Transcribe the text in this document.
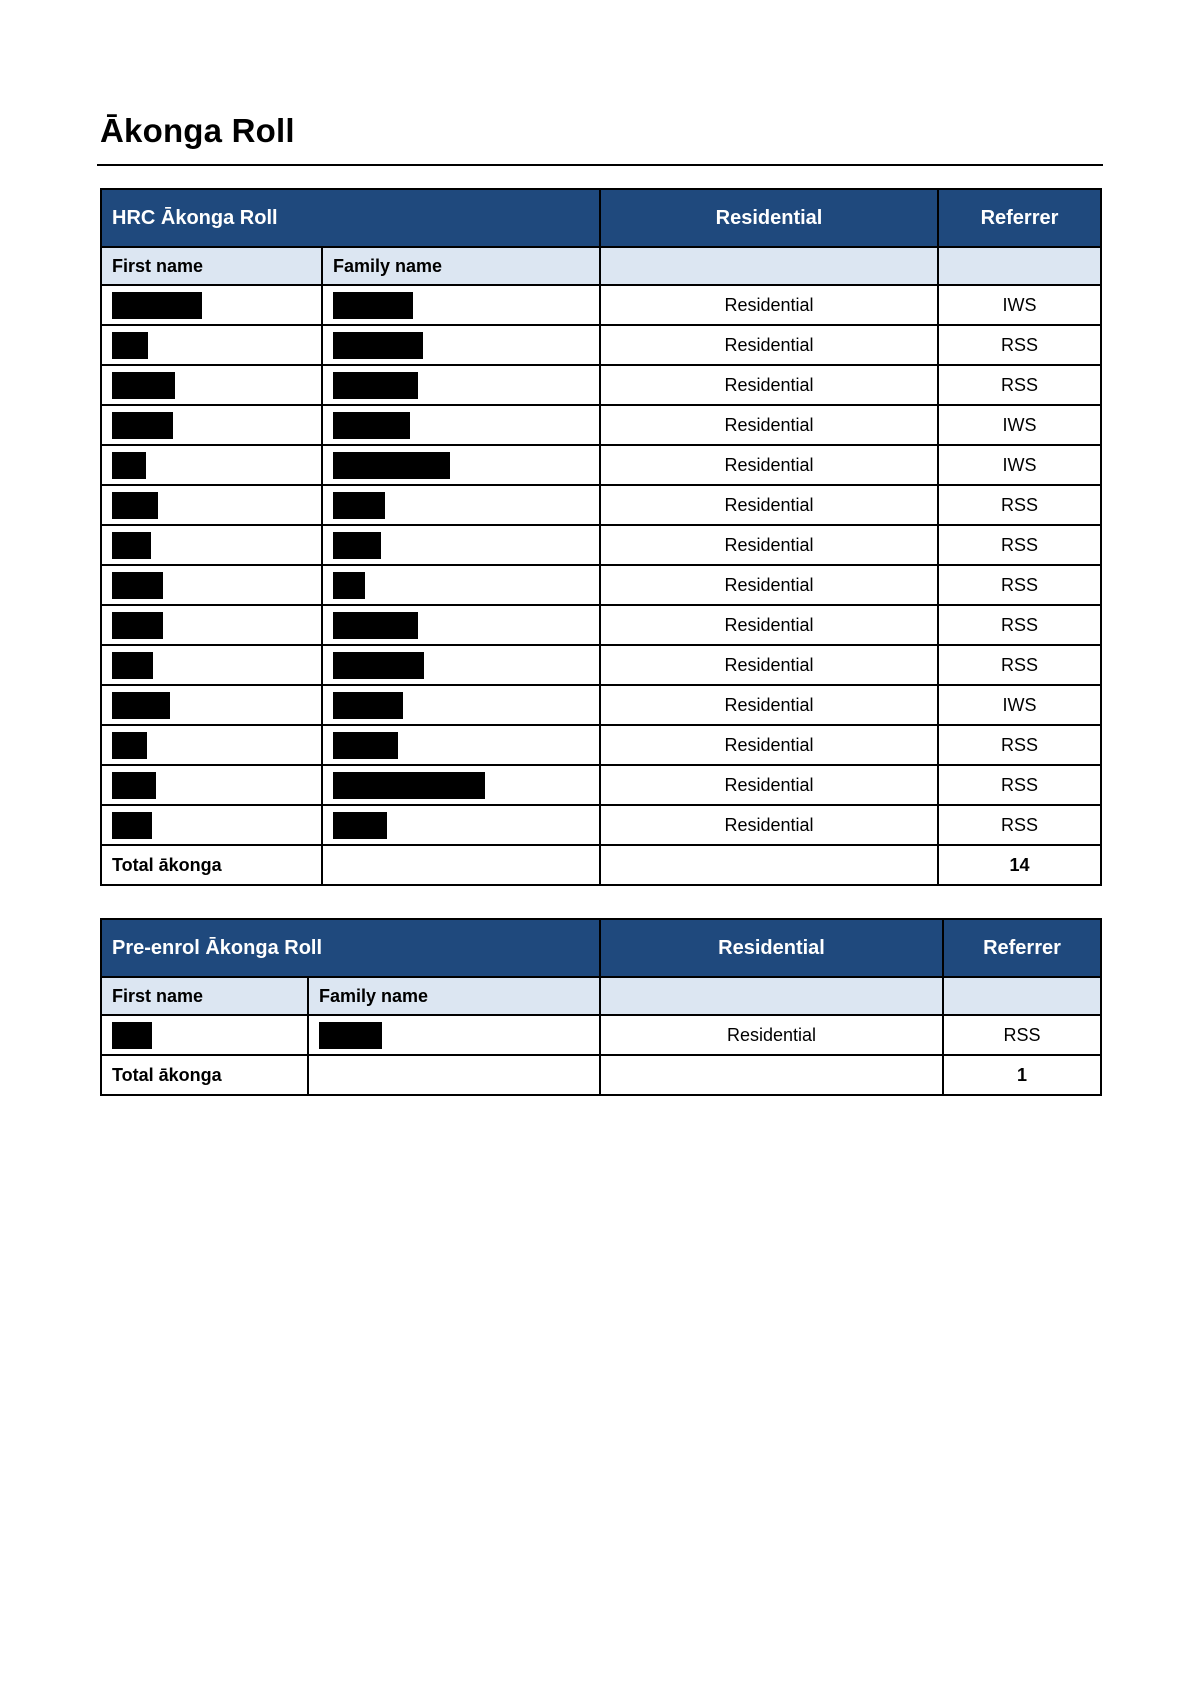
Ākonga Roll
HRC Ākonga Roll		Residential	Referrer
First name	Family name		
		Residential	IWS
		Residential	RSS
		Residential	RSS
		Residential	IWS
		Residential	IWS
		Residential	RSS
		Residential	RSS
		Residential	RSS
		Residential	RSS
		Residential	RSS
		Residential	IWS
		Residential	RSS
		Residential	RSS
		Residential	RSS
Total ākonga			14
Pre-enrol Ākonga Roll		Residential	Referrer
First name	Family name		
		Residential	RSS
Total ākonga			1
